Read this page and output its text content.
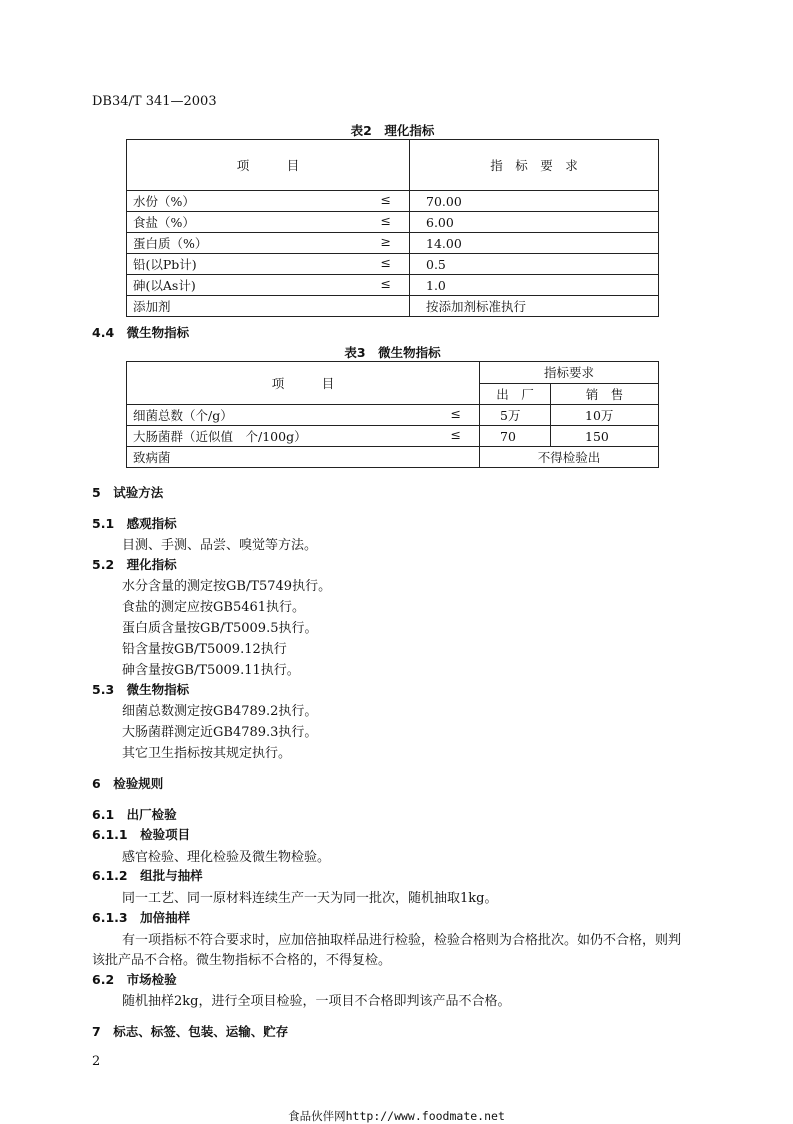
DB34/T 341—2003
表2　理化指标
项　　　目	指　标　要　求
水份（%） ≤	70.00
食盐（%） ≤	6.00
蛋白质（%） ≥	14.00
铅(以Pb计) ≤	0.5
砷(以As计) ≤	1.0
添加剂	按添加剂标准执行
4.4　微生物指标
表3　微生物指标
项　　　目	指标要求	
	出　厂	销　售
细菌总数（个/g） ≤	5万	10万
大肠菌群（近似值　个/100g） ≤	70	150
致病菌	不得检验出	
5　试验方法
5.1　感观指标
目测、手测、品尝、嗅觉等方法。
5.2　理化指标
水分含量的测定按GB/T5749执行。
食盐的测定应按GB5461执行。
蛋白质含量按GB/T5009.5执行。
铅含量按GB/T5009.12执行
砷含量按GB/T5009.11执行。
5.3　微生物指标
细菌总数测定按GB4789.2执行。
大肠菌群测定近GB4789.3执行。
其它卫生指标按其规定执行。
6　检验规则
6.1　出厂检验
6.1.1　检验项目
感官检验、理化检验及微生物检验。
6.1.2　组批与抽样
同一工艺、同一原材料连续生产一天为同一批次，随机抽取1kg。
6.1.3　加倍抽样
有一项指标不符合要求时，应加倍抽取样品进行检验，检验合格则为合格批次。如仍不合格，则判
该批产品不合格。微生物指标不合格的，不得复检。
6.2　市场检验
随机抽样2kg，进行全项目检验，一项目不合格即判该产品不合格。
7　标志、标签、包装、运输、贮存
2
食品伙伴网http://www.foodmate.net
